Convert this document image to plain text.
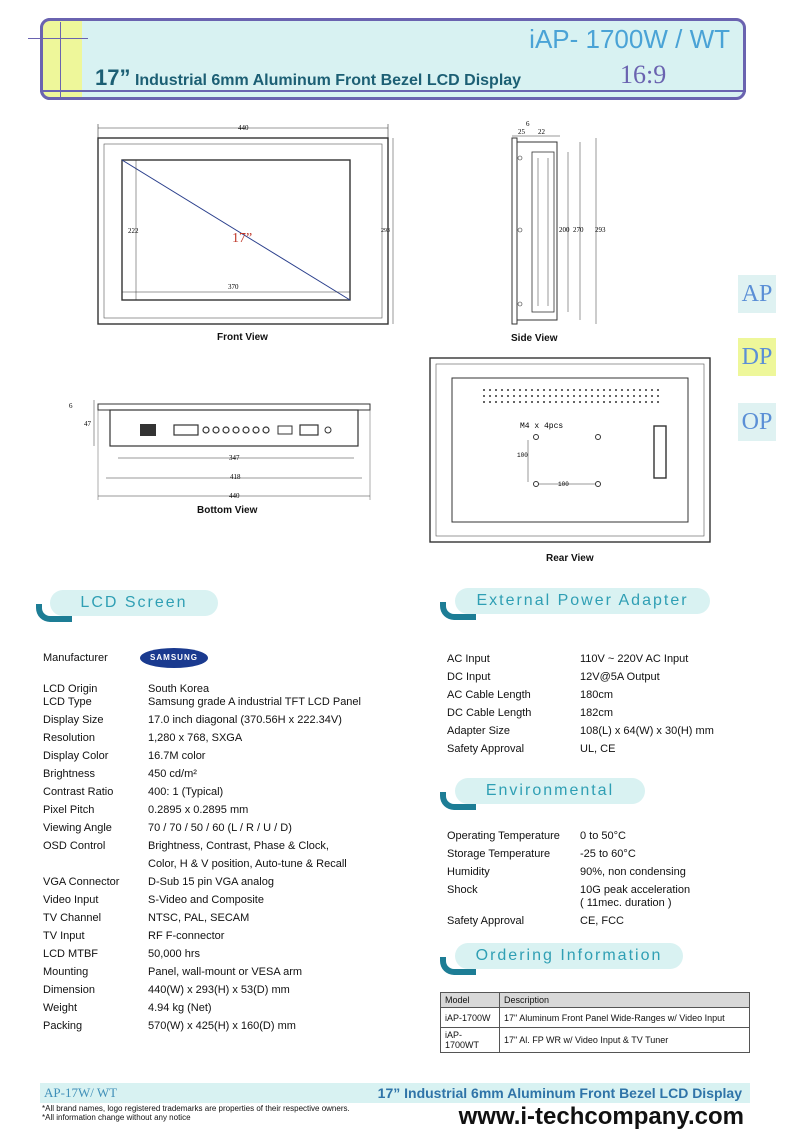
iAP- 1700W / WT
17” Industrial 6mm Aluminum Front Bezel LCD Display	16:9
440
222
370
17”	293
Front View
6
25 22
200 270 293
Side View
AP
DP
OP
6
47
347
418
440
Bottom View
M4 x 4pcs
100
100
Rear View
LCD Screen
Manufacturer	SAMSUNG
LCD Origin	South Korea
LCD Type	Samsung grade A industrial TFT LCD Panel
Display Size	17.0 inch diagonal (370.56H x 222.34V)
Resolution	1,280 x 768, SXGA
Display Color	16.7M color
Brightness	450 cd/m²
Contrast Ratio	400: 1 (Typical)
Pixel Pitch	0.2895 x 0.2895 mm
Viewing Angle	70 / 70 / 50 / 60 (L / R / U / D)
OSD Control	Brightness, Contrast, Phase & Clock,
Color, H & V position, Auto-tune & Recall
VGA Connector	D-Sub 15 pin VGA analog
Video Input	S-Video and Composite
TV Channel	NTSC, PAL, SECAM
TV Input	RF F-connector
LCD MTBF	50,000 hrs
Mounting	Panel, wall-mount or VESA arm
Dimension	440(W) x 293(H) x 53(D) mm
Weight	4.94 kg (Net)
Packing	570(W) x 425(H) x 160(D) mm
External Power Adapter
AC Input	110V ~ 220V AC Input
DC Input	12V@5A Output
AC Cable Length	180cm
DC Cable Length	182cm
Adapter Size	108(L) x 64(W) x 30(H) mm
Safety Approval	UL, CE
Environmental
Operating Temperature 0 to 50°C
Storage Temperature	-25 to 60°C
Humidity	90%, non condensing
Shock	10G peak acceleration
( 11mec. duration )
Safety Approval	CE, FCC
Ordering Information
Model	Description
iAP-1700W	17" Aluminum Front Panel Wide-Ranges w/ Video Input
iAP-1700WT	17" Al. FP WR w/ Video Input & TV Tuner
AP-17W/ WT	17” Industrial 6mm Aluminum Front Bezel LCD Display
*All brand names, logo registered trademarks are properties of their respective owners.
*All information change without any notice	www.i-techcompany.com
